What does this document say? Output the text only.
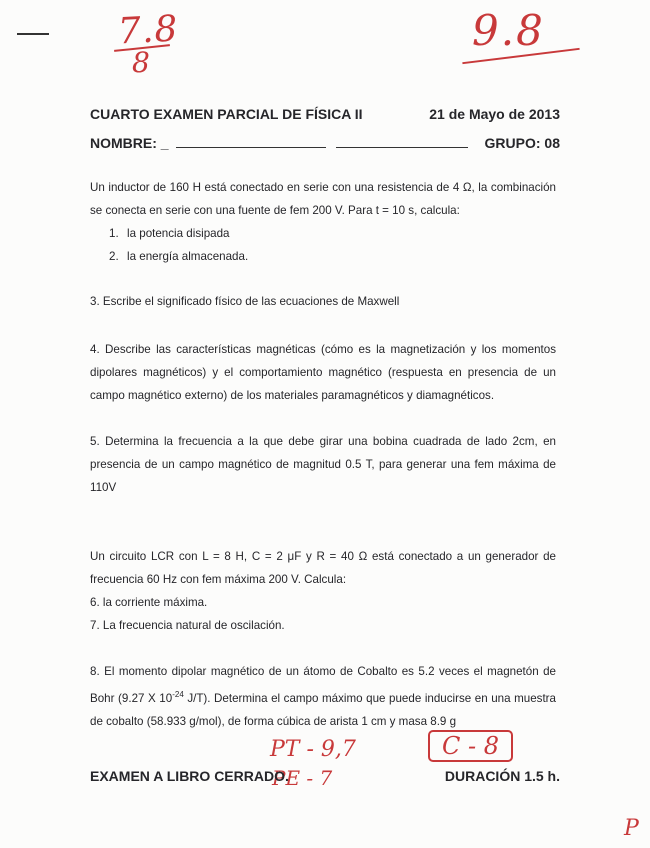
7.8
8
9.8
CUARTO EXAMEN PARCIAL DE FÍSICA II	21 de Mayo de 2013
NOMBRE: _	GRUPO: 08
Un inductor de 160 H está conectado en serie con una resistencia de 4 Ω, la combinación se conecta en serie con una fuente de fem 200 V. Para t = 10 s, calcula:
1. la potencia disipada
2. la energía almacenada.
3. Escribe el significado físico de las ecuaciones de Maxwell
4. Describe las características magnéticas (cómo es la magnetización y los momentos dipolares magnéticos) y el comportamiento magnético (respuesta en presencia de un campo magnético externo) de los materiales paramagnéticos y diamagnéticos.
5. Determina la frecuencia a la que debe girar una bobina cuadrada de lado 2cm, en presencia de un campo magnético de magnitud 0.5 T, para generar una fem máxima de 110V
Un circuito LCR con L = 8 H, C = 2 μF y R = 40 Ω está conectado a un generador de frecuencia 60 Hz con fem máxima 200 V. Calcula:
6. la corriente máxima.
7. La frecuencia natural de oscilación.
8. El momento dipolar magnético de un átomo de Cobalto es 5.2 veces el magnetón de Bohr (9.27 X $10^{-24}$ J/T). Determina el campo máximo que puede inducirse en una muestra de cobalto (58.933 g/mol), de forma cúbica de arista 1 cm y masa 8.9 g
PT - 9,7
PE - 7
C - 8
EXAMEN A LIBRO CERRADO.	DURACIÓN 1.5 h.
P
